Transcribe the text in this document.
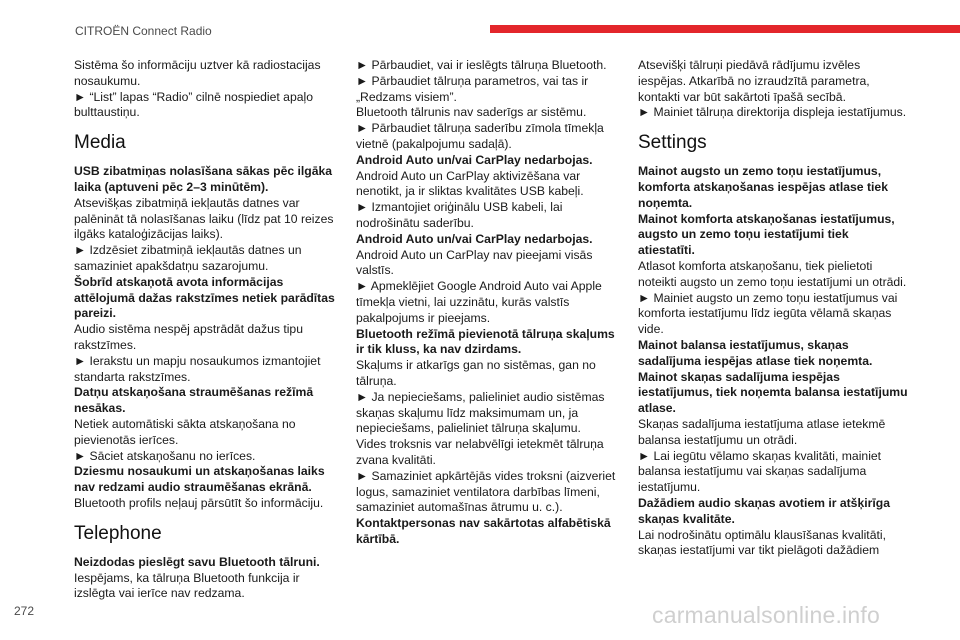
CITROËN Connect Radio

Sistēma šo informāciju uztver kā radiostacijas nosaukumu.

► “List” lapas “Radio” cilnē nospiediet apaļo bulttaustiņu.

Media

USB zibatmiņas nolasīšana sākas pēc ilgāka laika (aptuveni pēc 2–3 minūtēm).

Atsevišķas zibatmiņā iekļautās datnes var palēnināt tā nolasīšanas laiku (līdz pat 10 reizes ilgāks kataloģizācijas laiks).

► Izdzēsiet zibatmiņā iekļautās datnes un samaziniet apakšdatņu sazarojumu.

Šobrīd atskaņotā avota informācijas attēlojumā dažas rakstzīmes netiek parādītas pareizi.

Audio sistēma nespēj apstrādāt dažus tipu rakstzīmes.

► Ierakstu un mapju nosaukumos izmantojiet standarta rakstzīmes.

Datņu atskaņošana straumēšanas režīmā nesākas.

Netiek automātiski sākta atskaņošana no pievienotās ierīces.

► Sāciet atskaņošanu no ierīces.

Dziesmu nosaukumi un atskaņošanas laiks nav redzami audio straumēšanas ekrānā.

Bluetooth profils neļauj pārsūtīt šo informāciju.

Telephone

Neizdodas pieslēgt savu Bluetooth tālruni.

Iespējams, ka tālruņa Bluetooth funkcija ir izslēgta vai ierīce nav redzama.

► Pārbaudiet, vai ir ieslēgts tālruņa Bluetooth.

► Pārbaudiet tālruņa parametros, vai tas ir „Redzams visiem”.

Bluetooth tālrunis nav saderīgs ar sistēmu.

► Pārbaudiet tālruņa saderību zīmola tīmekļa vietnē (pakalpojumu sadaļā).

Android Auto un/vai CarPlay nedarbojas.

Android Auto un CarPlay aktivizēšana var nenotikt, ja ir sliktas kvalitātes USB kabeļi.

► Izmantojiet oriģinālu USB kabeli, lai nodrošinātu saderību.

Android Auto un/vai CarPlay nedarbojas.

Android Auto un CarPlay nav pieejami visās valstīs.

► Apmeklējiet Google Android Auto vai Apple tīmekļa vietni, lai uzzinātu, kurās valstīs pakalpojums ir pieejams.

Bluetooth režīmā pievienotā tālruņa skaļums ir tik kluss, ka nav dzirdams.

Skaļums ir atkarīgs gan no sistēmas, gan no tālruņa.

► Ja nepieciešams, palieliniet audio sistēmas skaņas skaļumu līdz maksimumam un, ja nepieciešams, palieliniet tālruņa skaļumu.

Vides troksnis var nelabvēlīgi ietekmēt tālruņa zvana kvalitāti.

► Samaziniet apkārtējās vides troksni (aizveriet logus, samaziniet ventilatora darbības līmeni, samaziniet automašīnas ātrumu u. c.).

Kontaktpersonas nav sakārtotas alfabētiskā kārtībā.

Atsevišķi tālruņi piedāvā rādījumu izvēles iespējas. Atkarībā no izraudzītā parametra, kontakti var būt sakārtoti īpašā secībā.

► Mainiet tālruņa direktorija displeja iestatījumus.

Settings

Mainot augsto un zemo toņu iestatījumus, komforta atskaņošanas iespējas atlase tiek noņemta.

Mainot komforta atskaņošanas iestatījumus, augsto un zemo toņu iestatījumi tiek atiestatīti.

Atlasot komforta atskaņošanu, tiek pielietoti noteikti augsto un zemo toņu iestatījumi un otrādi.

► Mainiet augsto un zemo toņu iestatījumus vai komforta iestatījumu līdz iegūta vēlamā skaņas vide.

Mainot balansa iestatījumus, skaņas sadalījuma iespējas atlase tiek noņemta.

Mainot skaņas sadalījuma iespējas iestatījumus, tiek noņemta balansa iestatījumu atlase.

Skaņas sadalījuma iestatījuma atlase ietekmē balansa iestatījumu un otrādi.

► Lai iegūtu vēlamo skaņas kvalitāti, mainiet balansa iestatījumu vai skaņas sadalījuma iestatījumu.

Dažādiem audio skaņas avotiem ir atšķirīga skaņas kvalitāte.

Lai nodrošinātu optimālu klausīšanas kvalitāti, skaņas iestatījumi var tikt pielāgoti dažādiem

272	carmanualsonline.info
